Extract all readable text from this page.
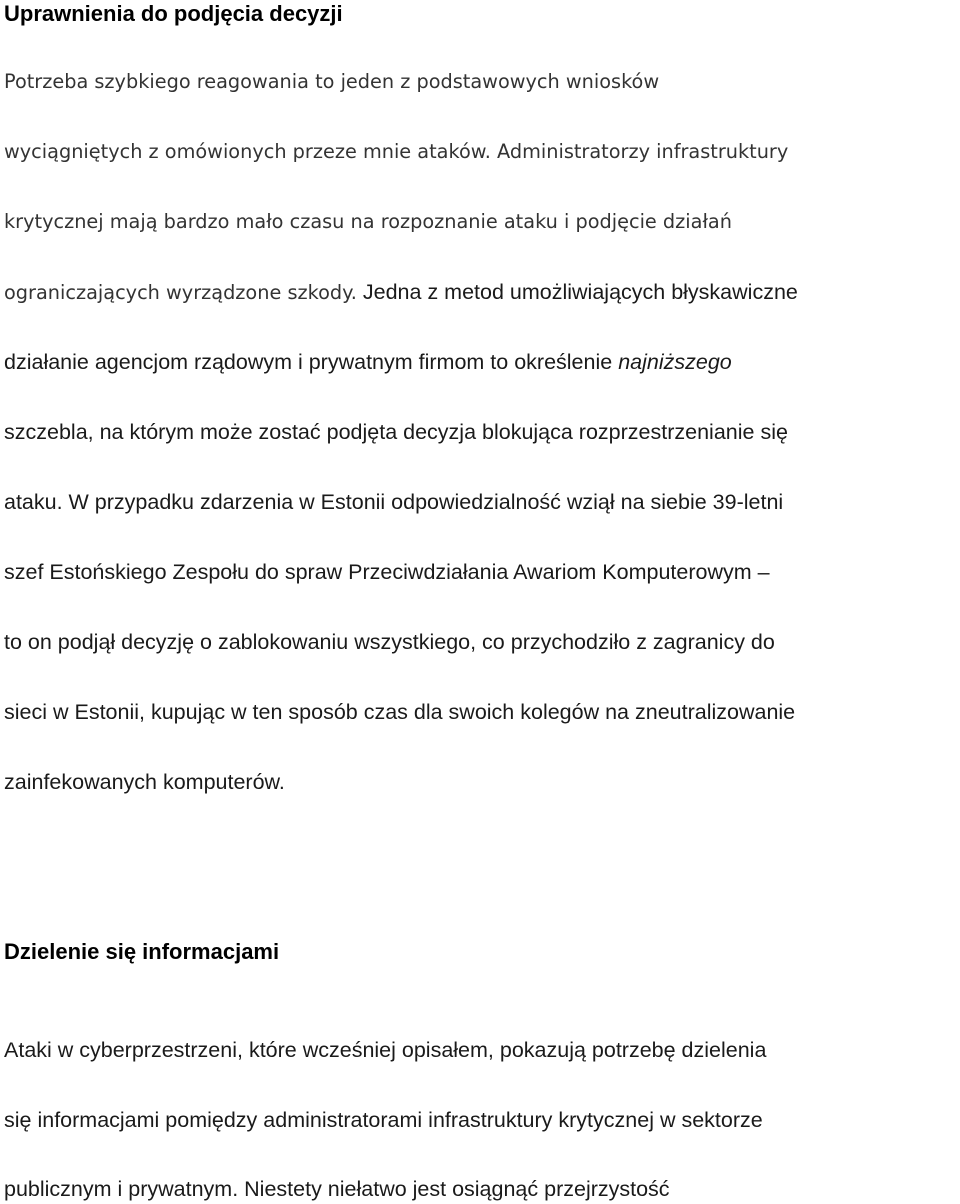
Uprawnienia do podjęcia decyzji
Potrzeba szybkiego reagowania to jeden z podstawowych wniosków
wyciągniętych z omówionych przeze mnie ataków. Administratorzy infrastruktury
krytycznej mają bardzo mało czasu na rozpoznanie ataku i podjęcie działań
ograniczających wyrządzone szkody. Jedna z metod umożliwiających błyskawiczne
działanie agencjom rządowym i prywatnym firmom to określenie najniższego
szczebla, na którym może zostać podjęta decyzja blokująca rozprzestrzenianie się
ataku. W przypadku zdarzenia w Estonii odpowiedzialność wziął na siebie 39-letni
szef Estońskiego Zespołu do spraw Przeciwdziałania Awariom Komputerowym –
to on podjął decyzję o zablokowaniu wszystkiego, co przychodziło z zagranicy do
sieci w Estonii, kupując w ten sposób czas dla swoich kolegów na zneutralizowanie
zainfekowanych komputerów.
Dzielenie się informacjami
Ataki w cyberprzestrzeni, które wcześniej opisałem, pokazują potrzebę dzielenia
się informacjami pomiędzy administratorami infrastruktury krytycznej w sektorze
publicznym i prywatnym. Niestety niełatwo jest osiągnąć przejrzystość
